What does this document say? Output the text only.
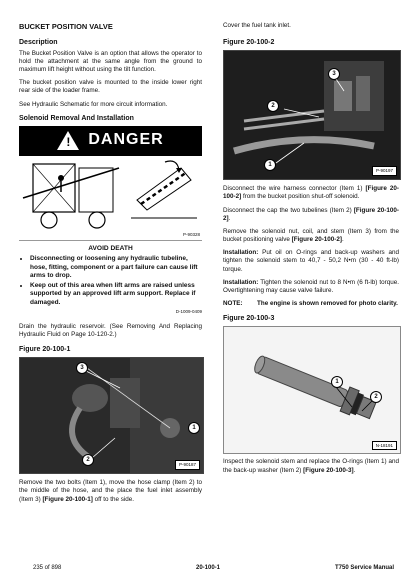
BUCKET POSITION VALVE
Description

The Bucket Position Valve is an option that allows the operator to hold the attachment at the same angle from the ground to maximum lift height without using the tilt function.

The bucket position valve is mounted to the inside lower right rear side of the loader frame.

See Hydraulic Schematic for more circuit information.

Solenoid Removal And Installation
! DANGER
P-90328
AVOID DEATH
• Disconnecting or loosening any hydraulic tubeline, hose, fitting, component or a part failure can cause lift arms to drop.
• Keep out of this area when lift arms are raised unless supported by an approved lift arm support. Replace if damaged.
D-1009-0409

Drain the hydraulic reservoir. (See Removing And Replacing Hydraulic Fluid on Page 10-120-2.)

Figure 20-100-1
3
1
2
P-90187

Remove the two bolts (Item 1), move the hose clamp (Item 2) to the middle of the hose, and the place the fuel inlet assembly (Item 3) [Figure 20-100-1] off to the side.

Cover the fuel tank inlet.

Figure 20-100-2
3
2
1
P-90197

Disconnect the wire harness connector (Item 1) [Figure 20-100-2] from the bucket position shut-off solenoid.

Disconnect the cap the two tubelines (Item 2) [Figure 20-100-2].

Remove the solenoid nut, coil, and stem (Item 3) from the bucket positioning valve [Figure 20-100-2].

Installation: Put oil on O-rings and back-up washers and tighten the solenoid stem to 40,7 - 50,2 N•m (30 - 40 ft-lb) torque.

Installation: Tighten the solenoid nut to 8 N•m (6 ft-lb) torque. Overtightening may cause valve failure.

NOTE:	The engine is shown removed for photo clarity.
Figure 20-100-3
1
2
N-18191

Inspect the solenoid stem and replace the O-rings (Item 1) and the back-up washer (Item 2) [Figure 20-100-3].

235 of 898	20-100-1	T750 Service Manual
